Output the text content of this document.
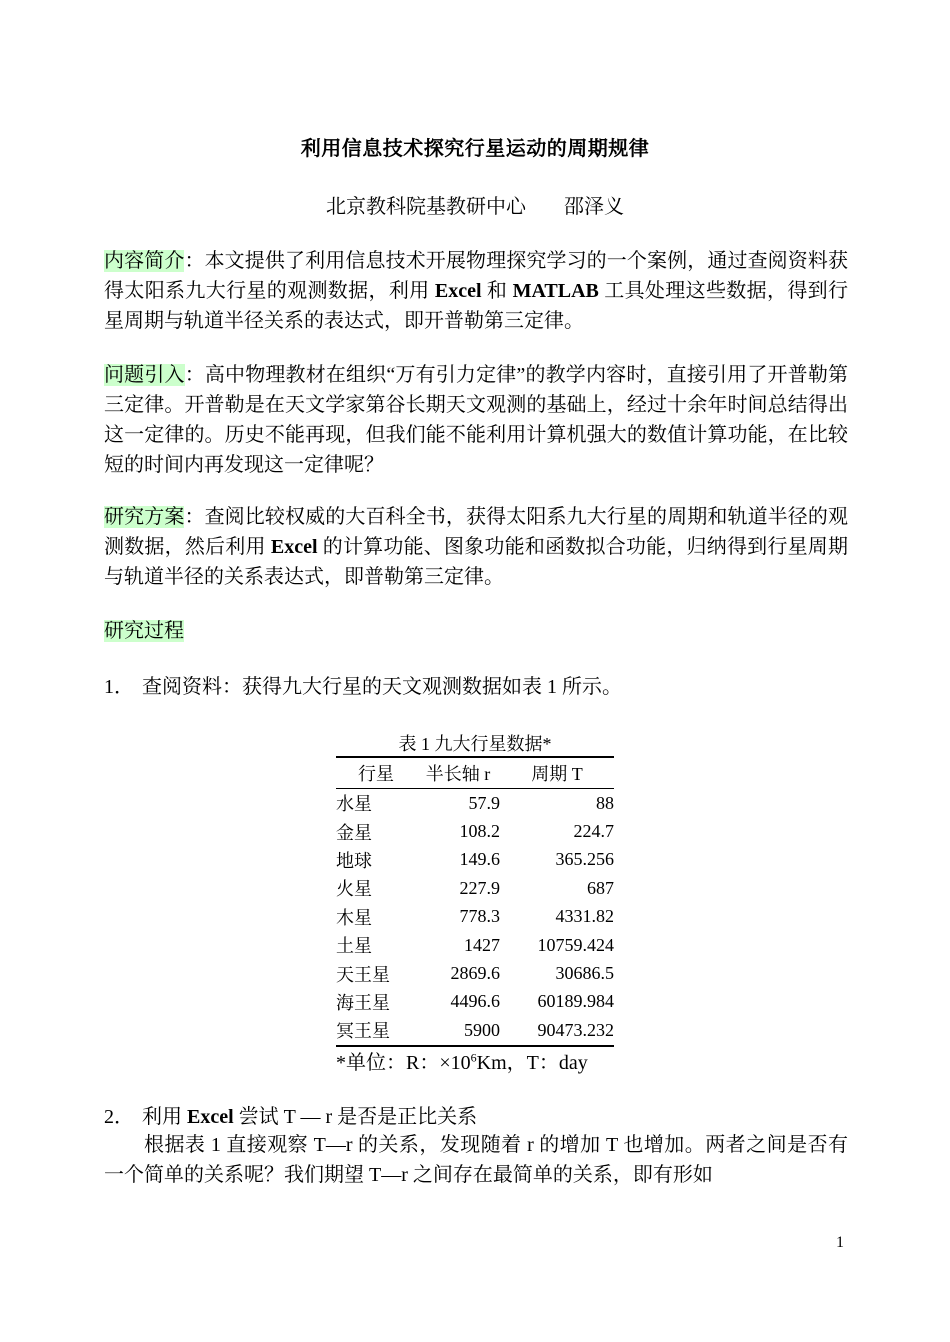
利用信息技术探究行星运动的周期规律
北京教科院基教研中心 邵泽义
内容简介：本文提供了利用信息技术开展物理探究学习的一个案例，通过查阅资料获得太阳系九大行星的观测数据，利用 Excel 和 MATLAB 工具处理这些数据，得到行星周期与轨道半径关系的表达式，即开普勒第三定律。
问题引入：高中物理教材在组织“万有引力定律”的教学内容时，直接引用了开普勒第三定律。开普勒是在天文学家第谷长期天文观测的基础上，经过十余年时间总结得出这一定律的。历史不能再现，但我们能不能利用计算机强大的数值计算功能，在比较短的时间内再发现这一定律呢？
研究方案：查阅比较权威的大百科全书，获得太阳系九大行星的周期和轨道半径的观测数据，然后利用 Excel 的计算功能、图象功能和函数拟合功能，归纳得到行星周期与轨道半径的关系表达式，即普勒第三定律。
研究过程
1． 查阅资料：获得九大行星的天文观测数据如表 1 所示。
表 1 九大行星数据*
行星	半长轴 r	周期 T
水星	57.9	88
金星	108.2	224.7
地球	149.6	365.256
火星	227.9	687
木星	778.3	4331.82
土星	1427	10759.424
天王星	2869.6	30686.5
海王星	4496.6	60189.984
冥王星	5900	90473.232
*单位：R：$\times 10^6Km$，T：day
2． 利用 Excel 尝试 T — r 是否是正比关系
根据表 1 直接观察 T—r 的关系，发现随着 r 的增加 T 也增加。两者之间是否有一个简单的关系呢？我们期望 T—r 之间存在最简单的关系，即有形如
1
